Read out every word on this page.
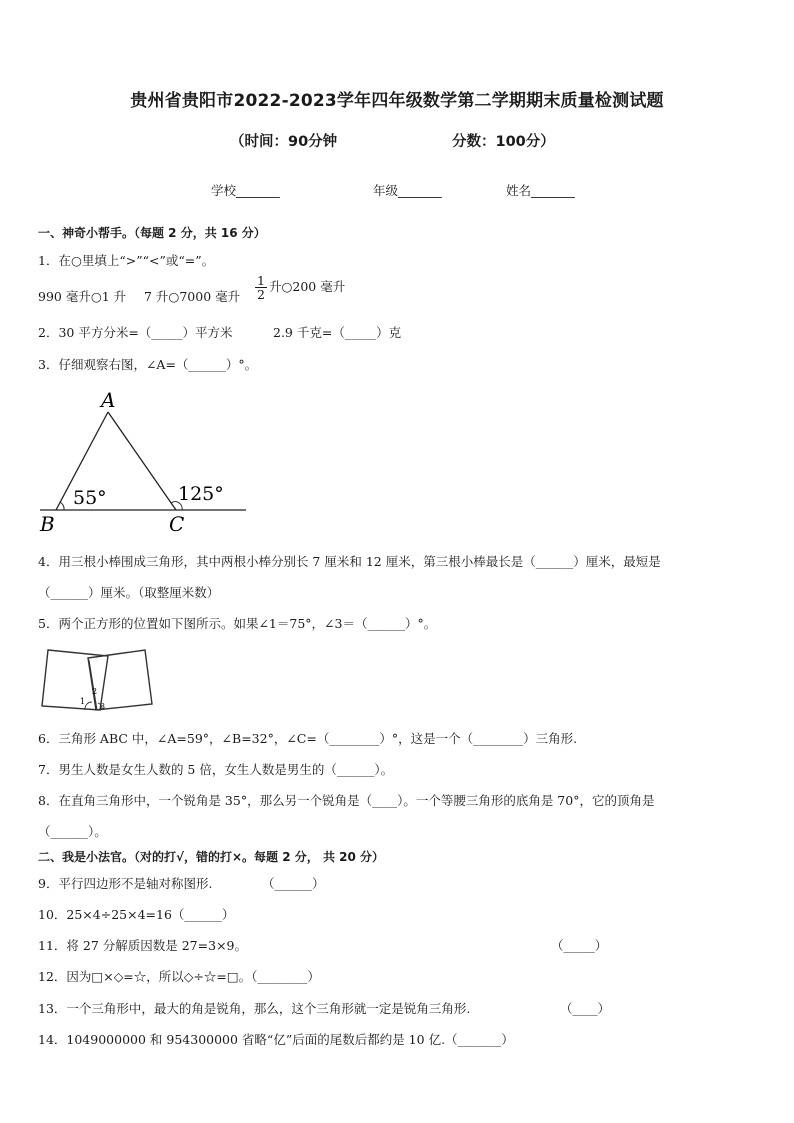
贵州省贵阳市2022-2023学年四年级数学第二学期期末质量检测试题
（时间：90分钟	分数：100分）
学校_______	年级_______	姓名_______
一、神奇小帮手。（每题 2 分，共 16 分）
1．在○里填上“>”“<”或“=”。
990 毫升○1 升 7 升○7000 毫升 $\frac{1}{2}$ 升○200 毫升
2．30 平方分米=（_____）平方米	2.9 千克=（_____）克
3．仔细观察右图，∠A=（______）°。
A
B	C
55°	125°
4．用三根小棒围成三角形，其中两根小棒分别长 7 厘米和 12 厘米，第三根小棒最长是（______）厘米，最短是
（______）厘米。（取整厘米数）
5．两个正方形的位置如下图所示。如果∠1＝75°，∠3＝（______）°。
1
2
3
6．三角形 ABC 中，∠A=59°，∠B=32°，∠C=（________）°，这是一个（________）三角形.
7．男生人数是女生人数的 5 倍，女生人数是男生的（______）。
8．在直角三角形中，一个锐角是 35°，那么另一个锐角是（____）。一个等腰三角形的底角是 70°，它的顶角是
（______）。
二、我是小法官。（对的打√，错的打×。每题 2 分， 共 20 分）
9．平行四边形不是轴对称图形.	（______）
10．25×4÷25×4=16（______）
11．将 27 分解质因数是 27=3×9。	（_____）
12．因为□×◇=☆，所以◇÷☆=□。（________）
13．一个三角形中，最大的角是锐角，那么，这个三角形就一定是锐角三角形.	（____）
14．1049000000 和 954300000 省略“亿”后面的尾数后都约是 10 亿.（_______）
